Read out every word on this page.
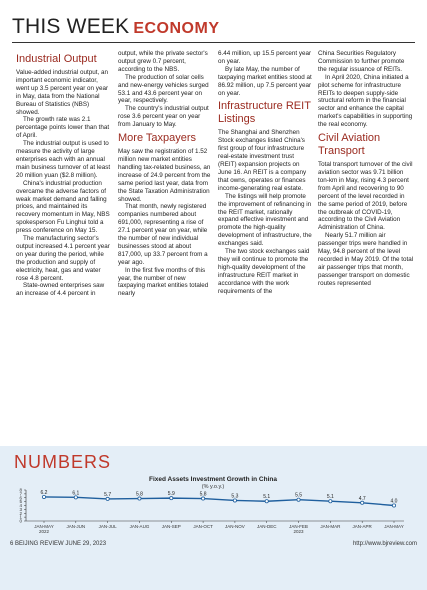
THIS WEEK ECONOMY
Industrial Output

Value-added industrial output, an important economic indicator, went up 3.5 percent year on year in May, data from the National Bureau of Statistics (NBS) showed.

The growth rate was 2.1 percentage points lower than that of April.

The industrial output is used to measure the activity of large enterprises each with an annual main business turnover of at least 20 million yuan ($2.8 million).

China's industrial production overcame the adverse factors of weak market demand and falling prices, and maintained its recovery momentum in May, NBS spokesperson Fu Linghui told a press conference on May 15.

The manufacturing sector's output increased 4.1 percent year on year during the period, while the production and supply of electricity, heat, gas and water rose 4.8 percent.

State-owned enterprises saw an increase of 4.4 percent in

output, while the private sector's output grew 0.7 percent, according to the NBS.

The production of solar cells and new-energy vehicles surged 53.1 and 43.6 percent year on year, respectively.

The country's industrial output rose 3.6 percent year on year from January to May.

More Taxpayers

May saw the registration of 1.52 million new market entities handling tax-related business, an increase of 24.9 percent from the same period last year, data from the State Taxation Administration showed.

That month, newly registered companies numbered about 691,000, representing a rise of 27.1 percent year on year, while the number of new individual businesses stood at about 817,000, up 33.7 percent from a year ago.

In the first five months of this year, the number of new taxpaying market entities totaled nearly

6.44 million, up 15.5 percent year on year.

By late May, the number of taxpaying market entities stood at 86.92 million, up 7.5 percent year on year.

Infrastructure REIT Listings

The Shanghai and Shenzhen Stock exchanges listed China's first group of four infrastructure real-estate investment trust (REIT) expansion projects on June 16. An REIT is a company that owns, operates or finances income-generating real estate.

The listings will help promote the improvement of refinancing in the REIT market, rationally expand effective investment and promote the high-quality development of infrastructure, the exchanges said.

The two stock exchanges said they will continue to promote the high-quality development of the infrastructure REIT market in accordance with the work requirements of the

China Securities Regulatory Commission to further promote the regular issuance of REITs.

In April 2020, China initiated a pilot scheme for infrastructure REITs to deepen supply-side structural reform in the financial sector and enhance the capital market's capabilities in supporting the real economy.

Civil Aviation Transport

Total transport turnover of the civil aviation sector was 9.71 billion ton-km in May, rising 4.3 percent from April and recovering to 90 percent of the level recorded in the same period of 2019, before the outbreak of COVID-19, according to the Civil Aviation Administration of China.

Nearly 51.7 million air passenger trips were handled in May, 94.8 percent of the level recorded in May 2019. Of the total air passenger trips that month, passenger transport on domestic routes represented

NUMBERS
Fixed Assets Investment Growth in China
(% y.o.y.)
0
1
2
3
4
5
6
7
8
JAN-MAY
2022
JAN-JUN	JAN-JUL	JAN-AUG	JAN-SEP	JAN-OCT	JAN-NOV	JAN-DEC	JAN-FEB
2023
JAN-MAR	JAN-APR	JAN-MAY
6.2	6.1	5.7	5.8	5.9	5.8	5.3	5.1	5.5	5.1	4.7	4.0
6 BEIJING REVIEW JUNE 29, 2023	http://www.bjreview.com
